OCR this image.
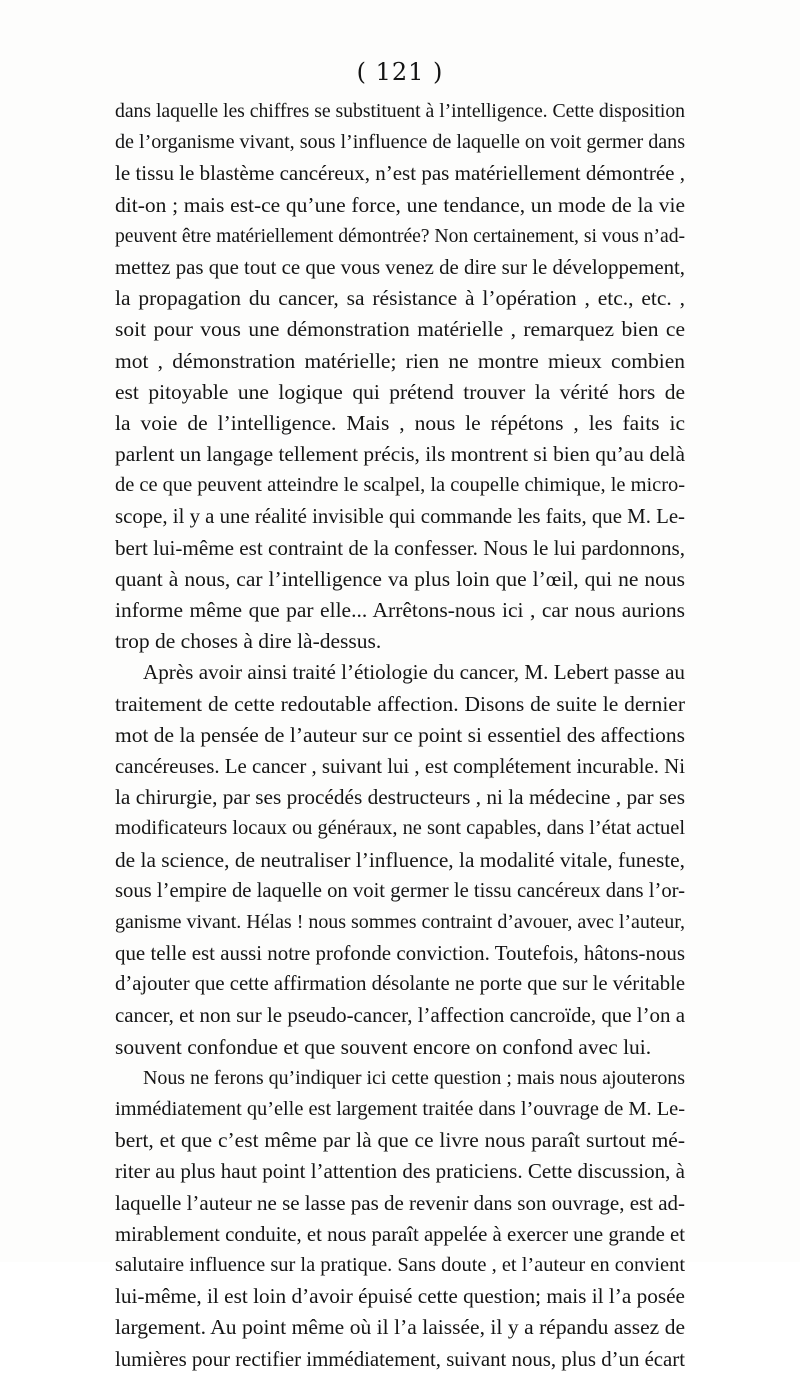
( 121 )
dans laquelle les chiffres se substituent à l’intelligence. Cette disposition
de l’organisme vivant, sous l’influence de laquelle on voit germer dans
le tissu le blastème cancéreux, n’est pas matériellement démontrée ,
dit-on ; mais est-ce qu’une force, une tendance, un mode de la vie
peuvent être matériellement démontrée? Non certainement, si vous n’ad-
mettez pas que tout ce que vous venez de dire sur le développement,
la propagation du cancer, sa résistance à l’opération , etc., etc. ,
soit pour vous une démonstration matérielle , remarquez bien ce
mot , démonstration matérielle; rien ne montre mieux combien
est pitoyable une logique qui prétend trouver la vérité hors de
la voie de l’intelligence. Mais , nous le répétons , les faits ic
parlent un langage tellement précis, ils montrent si bien qu’au delà
de ce que peuvent atteindre le scalpel, la coupelle chimique, le micro-
scope, il y a une réalité invisible qui commande les faits, que M. Le-
bert lui-même est contraint de la confesser. Nous le lui pardonnons,
quant à nous, car l’intelligence va plus loin que l’œil, qui ne nous
informe même que par elle... Arrêtons-nous ici , car nous aurions
trop de choses à dire là-dessus.
Après avoir ainsi traité l’étiologie du cancer, M. Lebert passe au
traitement de cette redoutable affection. Disons de suite le dernier
mot de la pensée de l’auteur sur ce point si essentiel des affections
cancéreuses. Le cancer , suivant lui , est complétement incurable. Ni
la chirurgie, par ses procédés destructeurs , ni la médecine , par ses
modificateurs locaux ou généraux, ne sont capables, dans l’état actuel
de la science, de neutraliser l’influence, la modalité vitale, funeste,
sous l’empire de laquelle on voit germer le tissu cancéreux dans l’or-
ganisme vivant. Hélas ! nous sommes contraint d’avouer, avec l’auteur,
que telle est aussi notre profonde conviction. Toutefois, hâtons-nous
d’ajouter que cette affirmation désolante ne porte que sur le véritable
cancer, et non sur le pseudo-cancer, l’affection cancroïde, que l’on a
souvent confondue et que souvent encore on confond avec lui.
Nous ne ferons qu’indiquer ici cette question ; mais nous ajouterons
immédiatement qu’elle est largement traitée dans l’ouvrage de M. Le-
bert, et que c’est même par là que ce livre nous paraît surtout mé-
riter au plus haut point l’attention des praticiens. Cette discussion, à
laquelle l’auteur ne se lasse pas de revenir dans son ouvrage, est ad-
mirablement conduite, et nous paraît appelée à exercer une grande et
salutaire influence sur la pratique. Sans doute , et l’auteur en convient
lui-même, il est loin d’avoir épuisé cette question; mais il l’a posée
largement. Au point même où il l’a laissée, il y a répandu assez de
lumières pour rectifier immédiatement, suivant nous, plus d’un écart
